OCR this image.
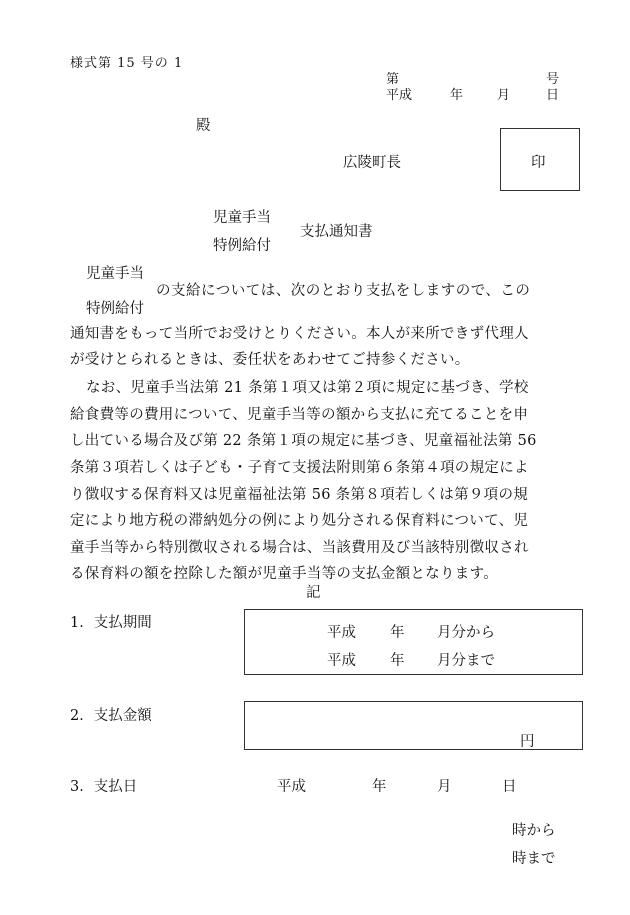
様式第 15 号の 1
第	号
平成	年	月	日
殿
広陵町長	印
児童手当
支払通知書
特例給付
児童手当
の支給については、次のとおり支払をしますので、この
特例給付
通知書をもって当所でお受けとりください。本人が来所できず代理人
が受けとられるときは、委任状をあわせてご持参ください。
なお、児童手当法第 21 条第１項又は第２項に規定に基づき、学校
給食費等の費用について、児童手当等の額から支払に充てることを申
し出ている場合及び第 22 条第１項の規定に基づき、児童福祉法第 56
条第３項若しくは子ども・子育て支援法附則第６条第４項の規定によ
り徴収する保育料又は児童福祉法第 56 条第８項若しくは第９項の規
定により地方税の滞納処分の例により処分される保育料について、児
童手当等から特別徴収される場合は、当該費用及び当該特別徴収され
る保育料の額を控除した額が児童手当等の支払金額となります。
記
1．支払期間
平成 年 月分から
平成 年 月分まで
2．支払金額
円
3．支払日	平成	年	月	日
時から
時まで
